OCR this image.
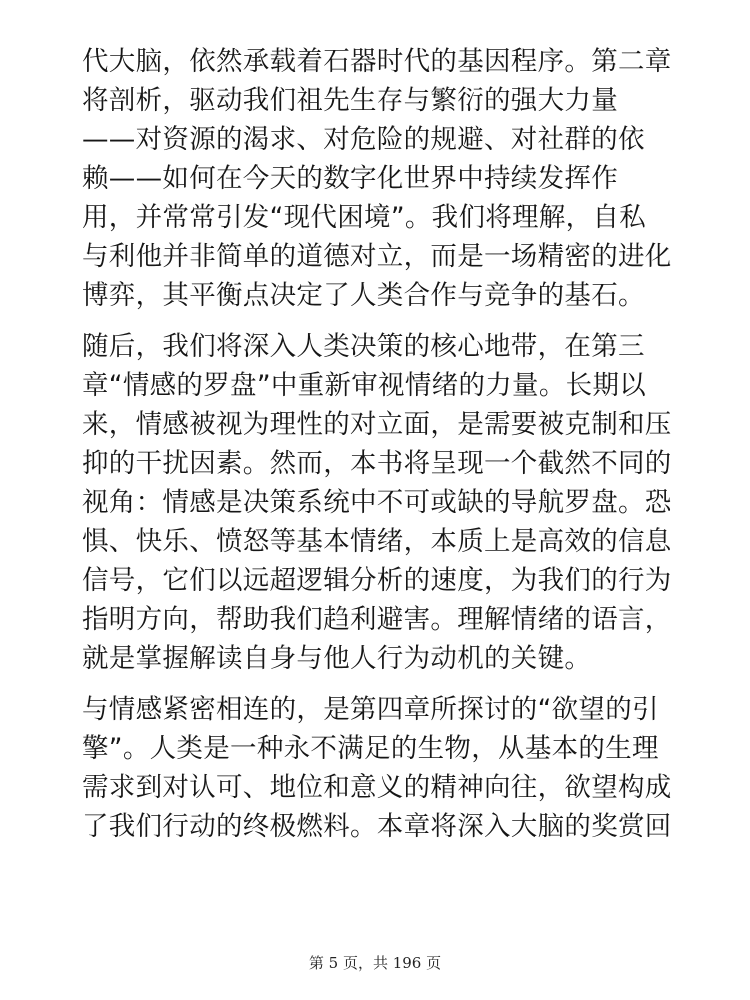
代大脑，依然承载着石器时代的基因程序。第二章
将剖析，驱动我们祖先生存与繁衍的强大力量
——对资源的渴求、对危险的规避、对社群的依
赖——如何在今天的数字化世界中持续发挥作
用，并常常引发“现代困境”。我们将理解，自私
与利他并非简单的道德对立，而是一场精密的进化
博弈，其平衡点决定了人类合作与竞争的基石。
随后，我们将深入人类决策的核心地带，在第三
章“情感的罗盘”中重新审视情绪的力量。长期以
来，情感被视为理性的对立面，是需要被克制和压
抑的干扰因素。然而，本书将呈现一个截然不同的
视角：情感是决策系统中不可或缺的导航罗盘。恐
惧、快乐、愤怒等基本情绪，本质上是高效的信息
信号，它们以远超逻辑分析的速度，为我们的行为
指明方向，帮助我们趋利避害。理解情绪的语言，
就是掌握解读自身与他人行为动机的关键。
与情感紧密相连的，是第四章所探讨的“欲望的引
擎”。人类是一种永不满足的生物，从基本的生理
需求到对认可、地位和意义的精神向往，欲望构成
了我们行动的终极燃料。本章将深入大脑的奖赏回
第 5 页，共 196 页
